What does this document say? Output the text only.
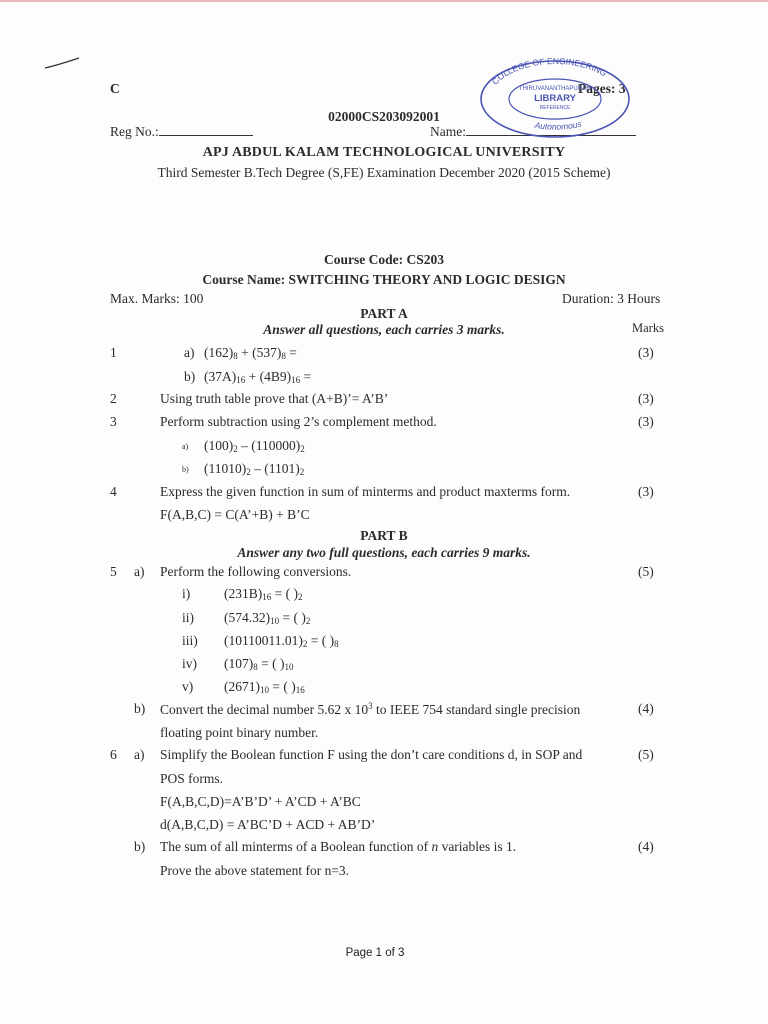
C	Pages: 3
02000CS203092001
Reg No.:	Name:
COLLEGE OF ENGINEERING
Autonomous
THIRUVANANTHAPURAM
LIBRARY
REFERENCE
APJ ABDUL KALAM TECHNOLOGICAL UNIVERSITY
Third Semester B.Tech Degree (S,FE) Examination December 2020 (2015 Scheme)
Course Code: CS203
Course Name: SWITCHING THEORY AND LOGIC DESIGN
Max. Marks: 100	Duration: 3 Hours
PART A
Answer all questions, each carries 3 marks.	Marks
1	a) $(162)_8 + (537)_8$ =	(3)
b) $(37A)_{16} + (4B9)_{16}$ =
2	Using truth table prove that (A+B)’= A’B’	(3)
3	Perform subtraction using 2’s complement method.	(3)
a) $(100)_2 - (110000)_2$
b) $(11010)_2 - (1101)_2$
4	Express the given function in sum of minterms and product maxterms form.	(3)
F(A,B,C) = C(A’+B) + B’C
PART B
Answer any two full questions, each carries 9 marks.
5 a) Perform the following conversions.	(5)
i)	$(231B)_{16}$ = ( )$_2$
ii) $(574.32)_{10}$ = ( )$_2$
iii) $(10110011.01)_2$ = ( )$_8$
iv) $(107)_8$ = ( )$_{10}$
v) $(2671)_{10}$ = ( )$_{16}$
b) Convert the decimal number 5.62 x $10^3$ to IEEE 754 standard single precision	(4)
floating point binary number.
6 a) Simplify the Boolean function F using the don’t care conditions d, in SOP and	(5)
POS forms.
F(A,B,C,D)=A’B’D’ + A’CD + A’BC
d(A,B,C,D) = A’BC’D + ACD + AB’D’
b) The sum of all minterms of a Boolean function of n variables is 1.	(4)
Prove the above statement for n=3.
Page 1 of 3
